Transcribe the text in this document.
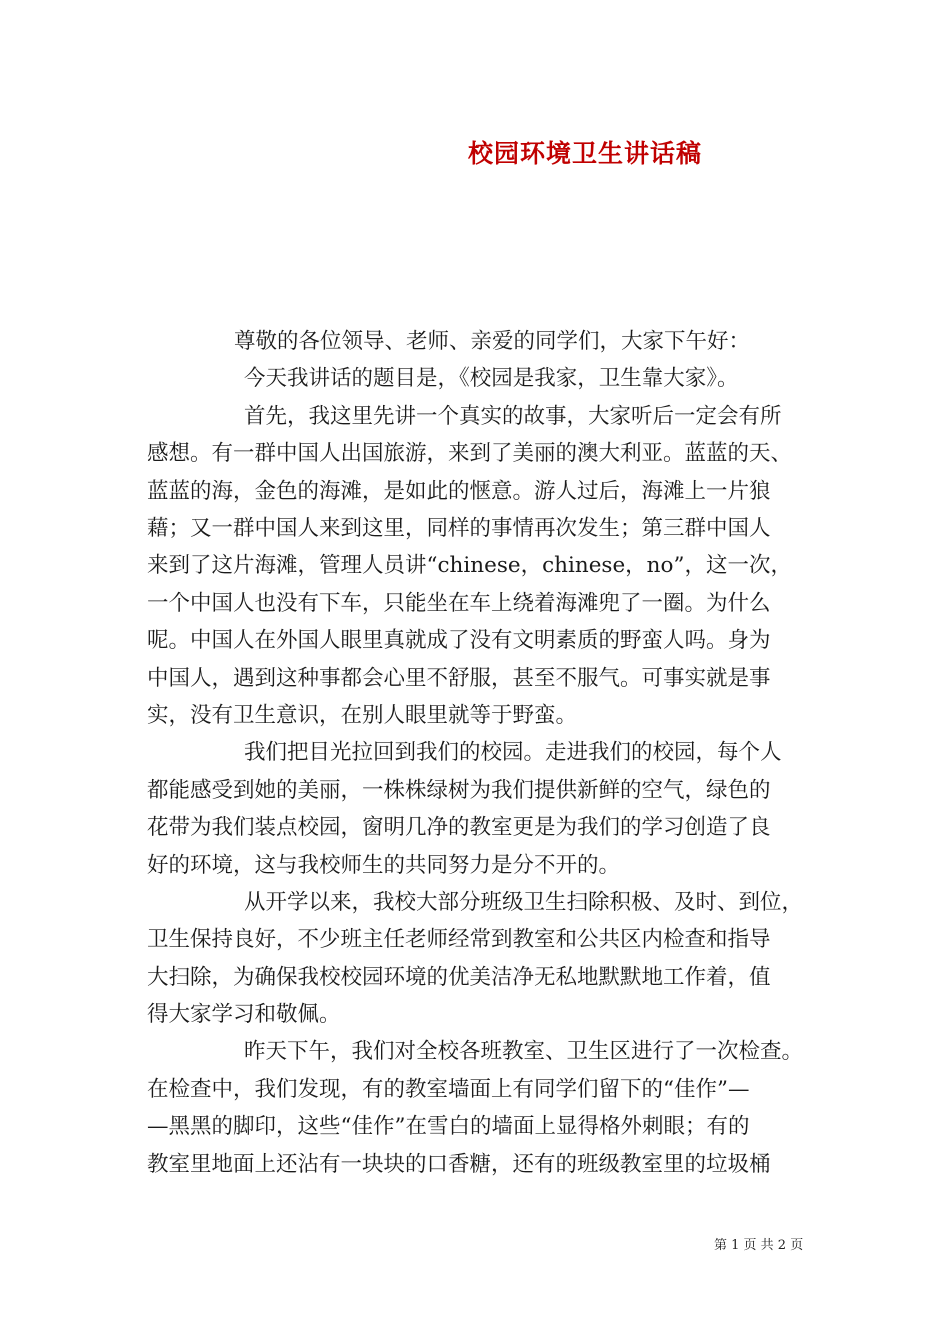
校园环境卫生讲话稿

尊敬的各位领导、老师、亲爱的同学们，大家下午好：

今天我讲话的题目是，《校园是我家，卫生靠大家》。

首先，我这里先讲一个真实的故事，大家听后一定会有所

感想。有一群中国人出国旅游，来到了美丽的澳大利亚。蓝蓝的天、

蓝蓝的海，金色的海滩，是如此的惬意。游人过后，海滩上一片狼

藉；又一群中国人来到这里，同样的事情再次发生；第三群中国人

来到了这片海滩，管理人员讲“chinese，chinese，no”，这一次，

一个中国人也没有下车，只能坐在车上绕着海滩兜了一圈。为什么

呢。中国人在外国人眼里真就成了没有文明素质的野蛮人吗。身为

中国人，遇到这种事都会心里不舒服，甚至不服气。可事实就是事

实，没有卫生意识，在别人眼里就等于野蛮。

我们把目光拉回到我们的校园。走进我们的校园，每个人

都能感受到她的美丽，一株株绿树为我们提供新鲜的空气，绿色的

花带为我们装点校园，窗明几净的教室更是为我们的学习创造了良

好的环境，这与我校师生的共同努力是分不开的。

从开学以来，我校大部分班级卫生扫除积极、及时、到位，

卫生保持良好，不少班主任老师经常到教室和公共区内检查和指导

大扫除，为确保我校校园环境的优美洁净无私地默默地工作着，值

得大家学习和敬佩。

昨天下午，我们对全校各班教室、卫生区进行了一次检查。

在检查中，我们发现，有的教室墙面上有同学们留下的“佳作”—

—黑黑的脚印，这些“佳作”在雪白的墙面上显得格外刺眼；有的

教室里地面上还沾有一块块的口香糖，还有的班级教室里的垃圾桶

第 1 页 共 2 页
